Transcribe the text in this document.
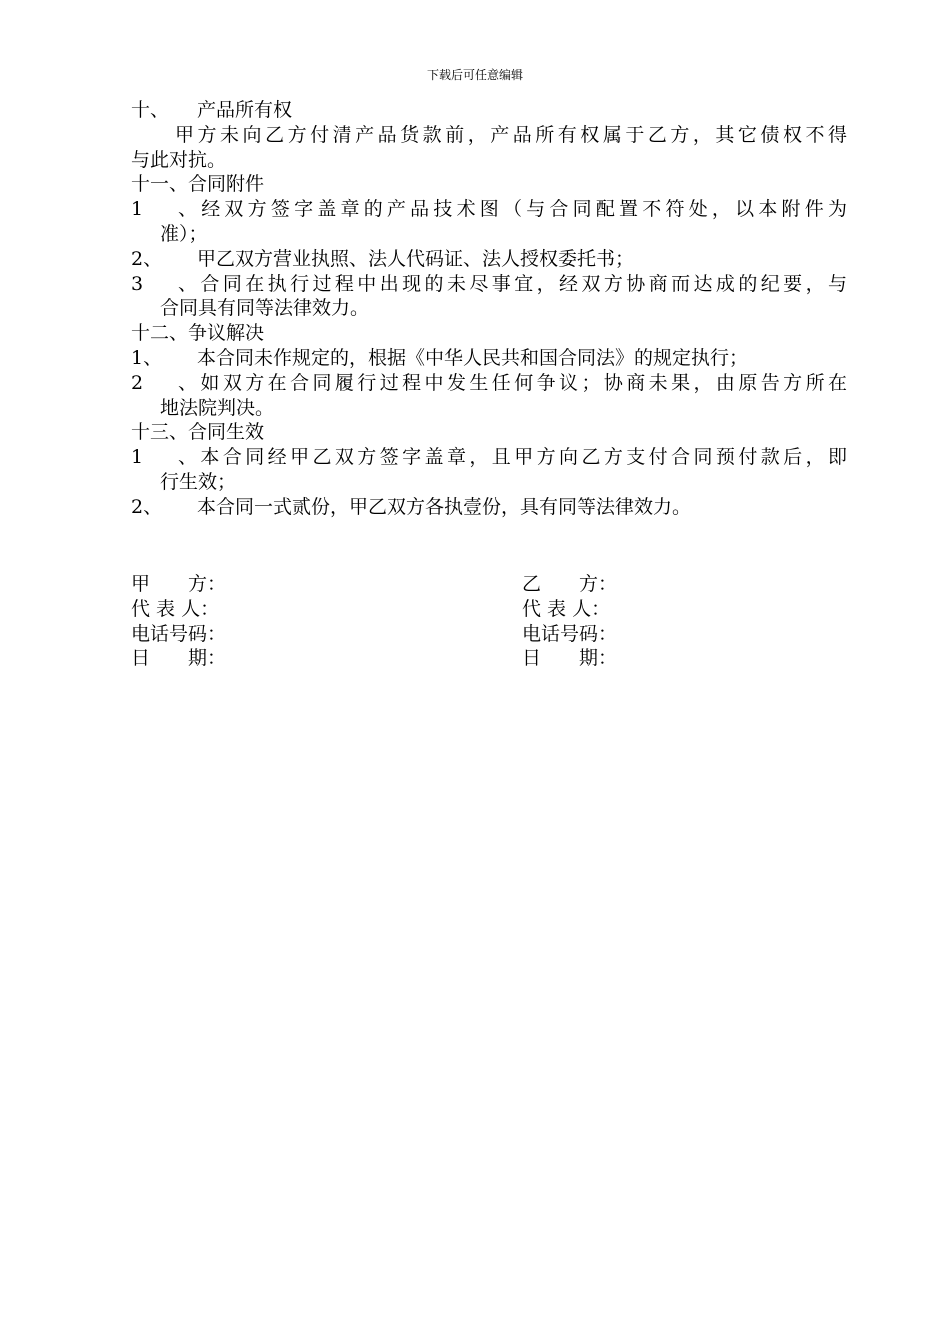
下载后可任意编辑
十、 产品所有权
甲方未向乙方付清产品货款前，产品所有权属于乙方，其它债权不得
与此对抗。
十一、合同附件
1、经双方签字盖章的产品技术图（与合同配置不符处，以本附件为
准）；
2、 甲乙双方营业执照、法人代码证、法人授权委托书；
3、合同在执行过程中出现的未尽事宜，经双方协商而达成的纪要，与
合同具有同等法律效力。
十二、争议解决
1、 本合同未作规定的，根据《中华人民共和国合同法》的规定执行；
2、如双方在合同履行过程中发生任何争议；协商未果，由原告方所在
地法院判决。
十三、合同生效
1、本合同经甲乙双方签字盖章，且甲方向乙方支付合同预付款后，即
行生效；
2、 本合同一式贰份，甲乙双方各执壹份，具有同等法律效力。
甲　　方：	乙　　方：
代 表 人：	代 表 人：
电话号码：	电话号码：
日　　期：	日　　期：
